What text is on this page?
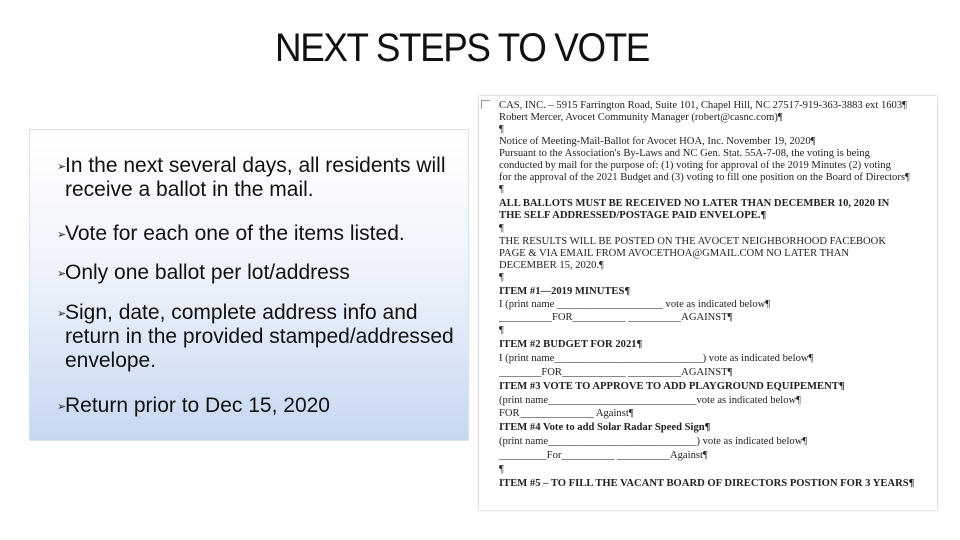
NEXT STEPS TO VOTE
➢
In the next several days, all residents will receive a ballot in the mail.
➢
Vote for each one of the items listed.
➢
Only one ballot per lot/address
➢
Sign, date, complete address info and return in the provided stamped/addressed envelope.
➢
Return prior to Dec 15, 2020
CAS, INC. – 5915 Farrington Road, Suite 101, Chapel Hill, NC 27517-919-363-3883 ext 1603¶
Robert Mercer, Avocet Community Manager (robert@casnc.com)¶
¶
Notice of Meeting-Mail-Ballot for Avocet HOA, Inc. November 19, 2020¶
Pursuant to the Association's By-Laws and NC Gen. Stat. 55A-7-08, the voting is being
conducted by mail for the purpose of: (1) voting for approval of the 2019 Minutes (2) voting
for the approval of the 2021 Budget and (3) voting to fill one position on the Board of Directors¶
¶
ALL BALLOTS MUST BE RECEIVED NO LATER THAN DECEMBER 10, 2020 IN
THE SELF ADDRESSED/POSTAGE PAID ENVELOPE.¶
¶
THE RESULTS WILL BE POSTED ON THE AVOCET NEIGHBORHOOD FACEBOOK
PAGE & VIA EMAIL FROM AVOCETHOA@GMAIL.COM NO LATER THAN
DECEMBER 15, 2020.¶
¶
ITEM #1—2019 MINUTES¶
I (print name ____________________ vote as indicated below¶
__________FOR__________ __________AGAINST¶
¶
ITEM #2 BUDGET FOR 2021¶
I (print name____________________________) vote as indicated below¶
________FOR____________ __________AGAINST¶
ITEM #3 VOTE TO APPROVE TO ADD PLAYGROUND EQUIPEMENT¶
(print name____________________________vote as indicated below¶
FOR______________ Against¶
ITEM #4 Vote to add Solar Radar Speed Sign¶
(print name____________________________) vote as indicated below¶
_________For__________ __________Against¶
¶
ITEM #5 – TO FILL THE VACANT BOARD OF DIRECTORS POSTION FOR 3 YEARS¶
